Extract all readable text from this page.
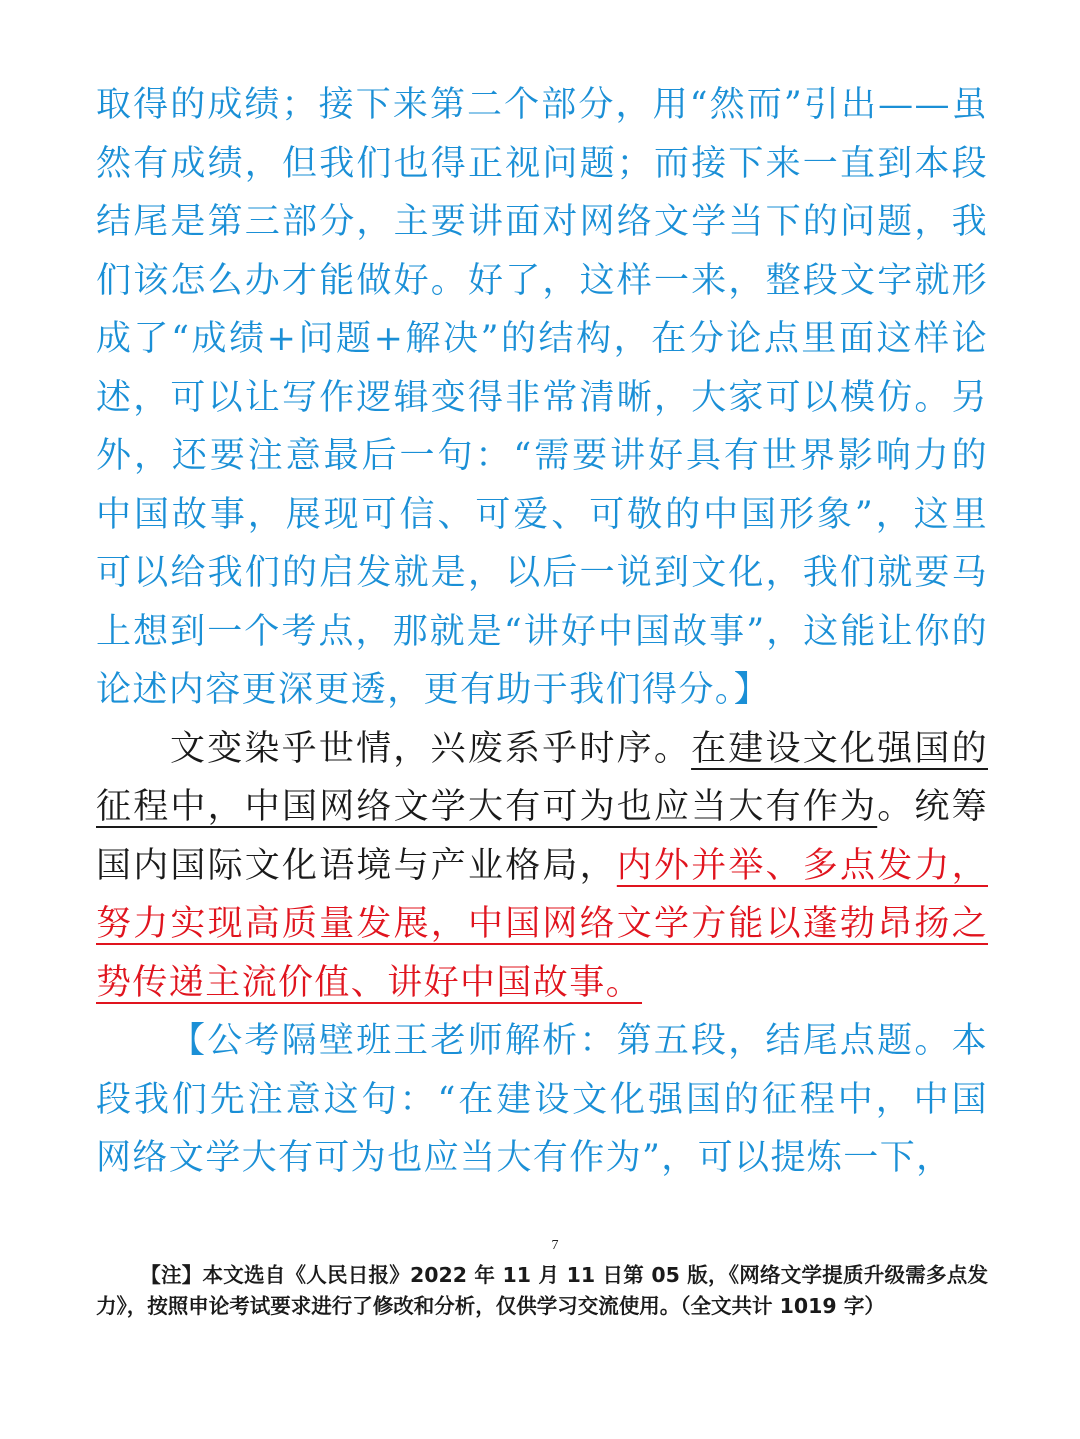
取得的成绩；接下来第二个部分，用“然而”引出——虽然有成绩，但我们也得正视问题；而接下来一直到本段结尾是第三部分，主要讲面对网络文学当下的问题，我们该怎么办才能做好。好了，这样一来，整段文字就形成了“成绩+问题+解决”的结构，在分论点里面这样论述，可以让写作逻辑变得非常清晰，大家可以模仿。另外，还要注意最后一句：“需要讲好具有世界影响力的中国故事，展现可信、可爱、可敬的中国形象”，这里可以给我们的启发就是，以后一说到文化，我们就要马上想到一个考点，那就是“讲好中国故事”，这能让你的论述内容更深更透，更有助于我们得分。】

文变染乎世情，兴废系乎时序。在建设文化强国的征程中，中国网络文学大有可为也应当大有作为。统筹国内国际文化语境与产业格局，内外并举、多点发力，努力实现高质量发展，中国网络文学方能以蓬勃昂扬之势传递主流价值、讲好中国故事。

【公考隔壁班王老师解析：第五段，结尾点题。本段我们先注意这句：“在建设文化强国的征程中，中国网络文学大有可为也应当大有作为”，可以提炼一下，

7
【注】本文选自《人民日报》2022 年 11 月 11 日第 05 版，《网络文学提质升级需多点发力》，按照申论考试要求进行了修改和分析，仅供学习交流使用。（全文共计 1019 字）
